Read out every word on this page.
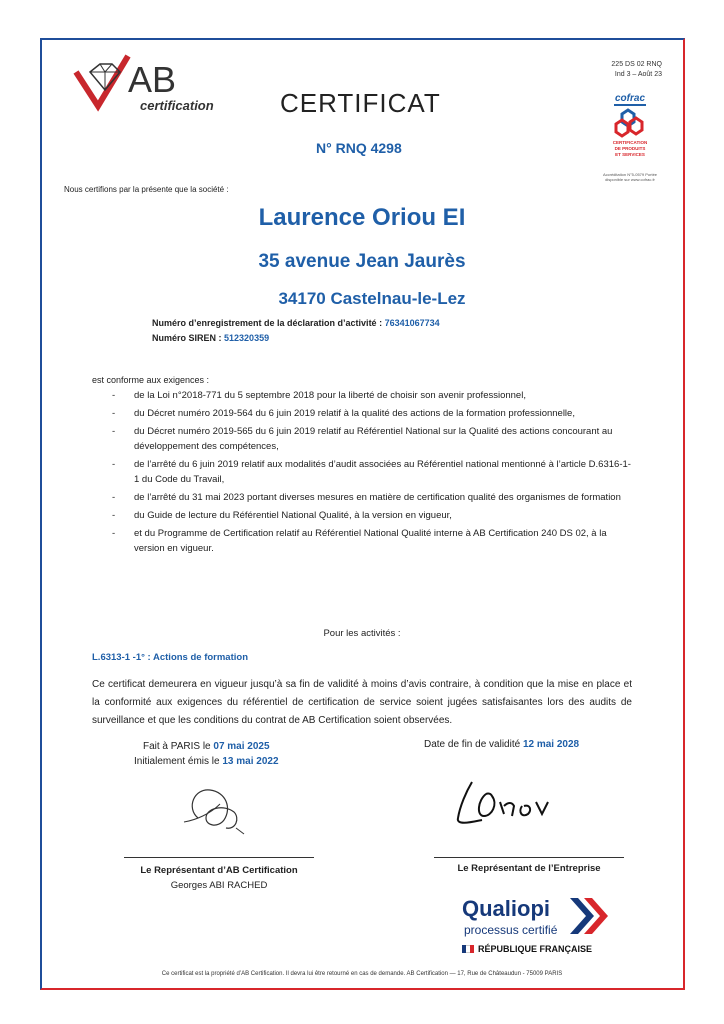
AB
certification
225 DS 02 RNQ
Ind 3 – Août 23
CERTIFICAT
N° RNQ 4298
cofrac
CERTIFICATION
DE PRODUITS
ET SERVICES
Accréditation N°5-0579 Portée disponible sur www.cofrac.fr
Nous certifions par la présente que la société :
Laurence Oriou EI
35 avenue Jean Jaurès
34170 Castelnau-le-Lez
Numéro d’enregistrement de la déclaration d’activité : 76341067734
Numéro SIREN : 512320359
est conforme aux exigences :
- de la Loi n°2018-771 du 5 septembre 2018 pour la liberté de choisir son avenir professionnel,
- du Décret numéro 2019-564 du 6 juin 2019 relatif à la qualité des actions de la formation professionnelle,
- du Décret numéro 2019-565 du 6 juin 2019 relatif au Référentiel National sur la Qualité des actions concourant au développement des compétences,
- de l’arrêté du 6 juin 2019 relatif aux modalités d’audit associées au Référentiel national mentionné à l’article D.6316-1-1 du Code du Travail,
- de l’arrêté du 31 mai 2023 portant diverses mesures en matière de certification qualité des organismes de formation
- du Guide de lecture du Référentiel National Qualité, à la version en vigueur,
- et du Programme de Certification relatif au Référentiel National Qualité interne à AB Certification 240 DS 02, à la version en vigueur.
Pour les activités :
L.6313-1 -1° : Actions de formation
Ce certificat demeurera en vigueur jusqu’à sa fin de validité à moins d’avis contraire, à condition que la mise en place et la conformité aux exigences du référentiel de certification de service soient jugées satisfaisantes lors des audits de surveillance et que les conditions du contrat de AB Certification soient observées.
Fait à PARIS le 07 mai 2025
Initialement émis le 13 mai 2022
Date de fin de validité 12 mai 2028
Le Représentant d’AB Certification
Georges ABI RACHED
Le Représentant de l’Entreprise
Qualiopi
processus certifié
RÉPUBLIQUE FRANÇAISE
Ce certificat est la propriété d’AB Certification. Il devra lui être retourné en cas de demande. AB Certification — 17, Rue de Châteaudun - 75009 PARIS
